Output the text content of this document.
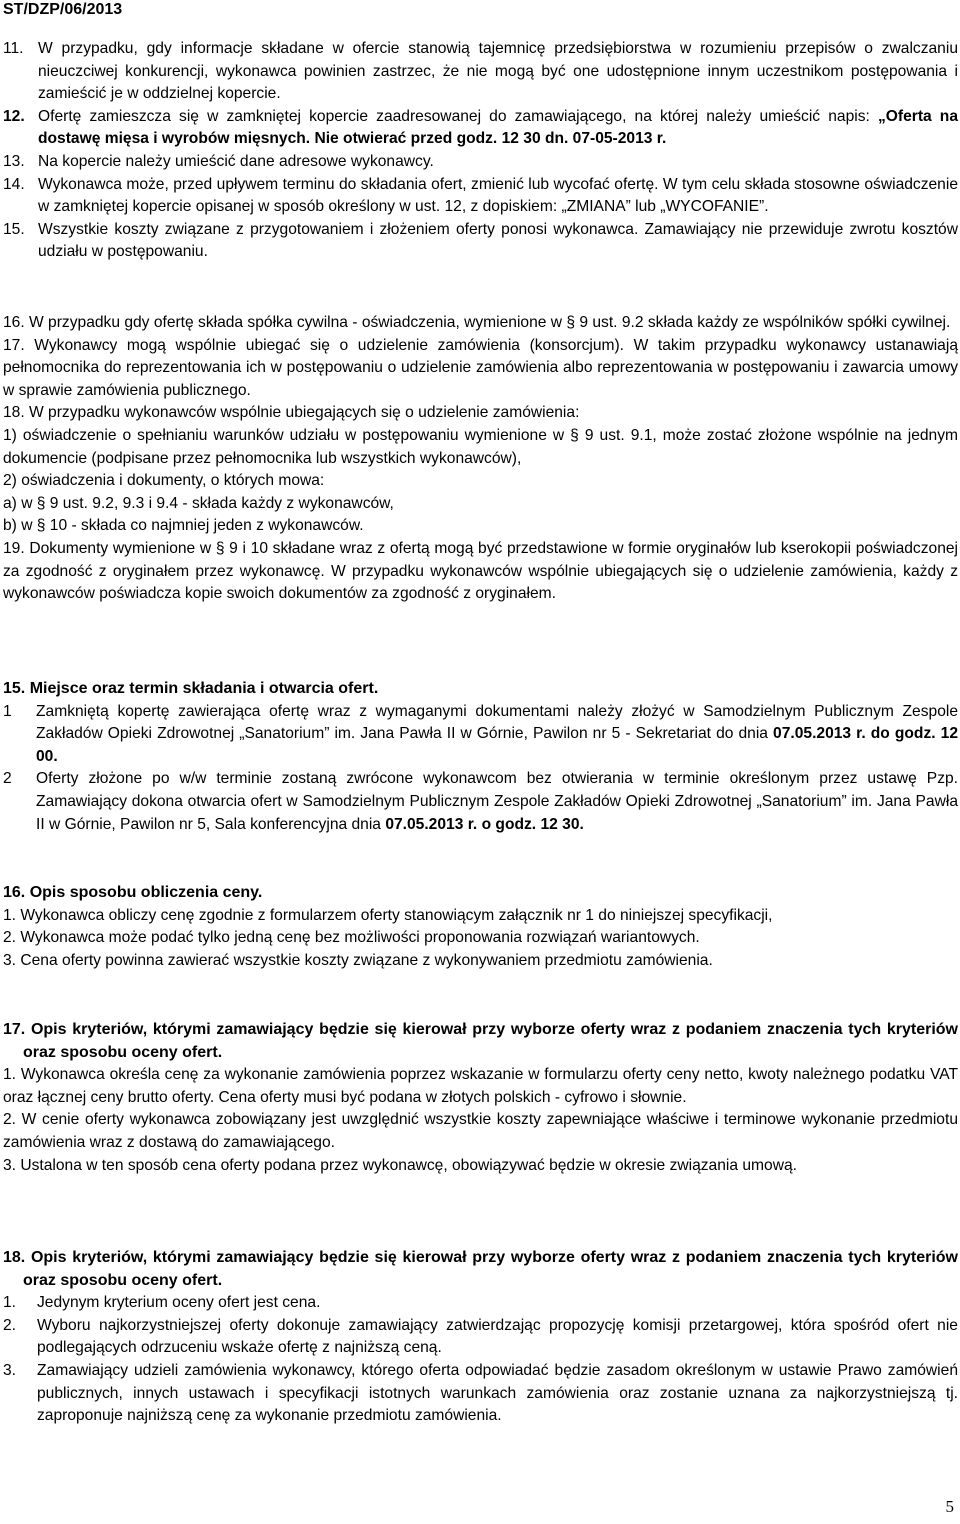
ST/DZP/06/2013

11. W przypadku, gdy informacje składane w ofercie stanowią tajemnicę przedsiębiorstwa w rozumieniu przepisów o zwalczaniu nieuczciwej konkurencji, wykonawca powinien zastrzec, że nie mogą być one udostępnione innym uczestnikom postępowania i zamieścić je w oddzielnej kopercie.

12. Ofertę zamieszcza się w zamkniętej kopercie zaadresowanej do zamawiającego, na której należy umieścić napis: „Oferta na dostawę mięsa i wyrobów mięsnych. Nie otwierać przed godz. 12 30 dn. 07-05-2013 r.

13. Na kopercie należy umieścić dane adresowe wykonawcy.

14. Wykonawca może, przed upływem terminu do składania ofert, zmienić lub wycofać ofertę. W tym celu składa stosowne oświadczenie w zamkniętej kopercie opisanej w sposób określony w ust. 12, z dopiskiem: „ZMIANA” lub „WYCOFANIE”.

15. Wszystkie koszty związane z przygotowaniem i złożeniem oferty ponosi wykonawca. Zamawiający nie przewiduje zwrotu kosztów udziału w postępowaniu.

16. W przypadku gdy ofertę składa spółka cywilna - oświadczenia, wymienione w § 9 ust. 9.2 składa każdy ze wspólników spółki cywilnej.

17. Wykonawcy mogą wspólnie ubiegać się o udzielenie zamówienia (konsorcjum). W takim przypadku wykonawcy ustanawiają pełnomocnika do reprezentowania ich w postępowaniu o udzielenie zamówienia albo reprezentowania w postępowaniu i zawarcia umowy w sprawie zamówienia publicznego.

18. W przypadku wykonawców wspólnie ubiegających się o udzielenie zamówienia:

1) oświadczenie o spełnianiu warunków udziału w postępowaniu wymienione w § 9 ust. 9.1, może zostać złożone wspólnie na jednym dokumencie (podpisane przez pełnomocnika lub wszystkich wykonawców),

2) oświadczenia i dokumenty, o których mowa:

a) w § 9 ust. 9.2, 9.3 i 9.4 - składa każdy z wykonawców,

b) w § 10 - składa co najmniej jeden z wykonawców.

19. Dokumenty wymienione w § 9 i 10 składane wraz z ofertą mogą być przedstawione w formie oryginałów lub kserokopii poświadczonej za zgodność z oryginałem przez wykonawcę. W przypadku wykonawców wspólnie ubiegających się o udzielenie zamówienia, każdy z wykonawców poświadcza kopie swoich dokumentów za zgodność z oryginałem.

15. Miejsce oraz termin składania i otwarcia ofert.

1 Zamkniętą kopertę zawierająca ofertę wraz z wymaganymi dokumentami należy złożyć w Samodzielnym Publicznym Zespole Zakładów Opieki Zdrowotnej „Sanatorium” im. Jana Pawła II w Górnie, Pawilon nr 5 - Sekretariat do dnia 07.05.2013 r. do godz. 12 00.

2 Oferty złożone po w/w terminie zostaną zwrócone wykonawcom bez otwierania w terminie określonym przez ustawę Pzp. Zamawiający dokona otwarcia ofert w Samodzielnym Publicznym Zespole Zakładów Opieki Zdrowotnej „Sanatorium” im. Jana Pawła II w Górnie, Pawilon nr 5, Sala konferencyjna dnia 07.05.2013 r. o godz. 12 30.

16. Opis sposobu obliczenia ceny.

1. Wykonawca obliczy cenę zgodnie z formularzem oferty stanowiącym załącznik nr 1 do niniejszej specyfikacji,

2. Wykonawca może podać tylko jedną cenę bez możliwości proponowania rozwiązań wariantowych.

3. Cena oferty powinna zawierać wszystkie koszty związane z wykonywaniem przedmiotu zamówienia.

17. Opis kryteriów, którymi zamawiający będzie się kierował przy wyborze oferty wraz z podaniem znaczenia tych kryteriów oraz sposobu oceny ofert.

1. Wykonawca określa cenę za wykonanie zamówienia poprzez wskazanie w formularzu oferty ceny netto, kwoty należnego podatku VAT oraz łącznej ceny brutto oferty. Cena oferty musi być podana w złotych polskich - cyfrowo i słownie.

2. W cenie oferty wykonawca zobowiązany jest uwzględnić wszystkie koszty zapewniające właściwe i terminowe wykonanie przedmiotu zamówienia wraz z dostawą do zamawiającego.

3. Ustalona w ten sposób cena oferty podana przez wykonawcę, obowiązywać będzie w okresie związania umową.

18. Opis kryteriów, którymi zamawiający będzie się kierował przy wyborze oferty wraz z podaniem znaczenia tych kryteriów oraz sposobu oceny ofert.

1. Jedynym kryterium oceny ofert jest cena.

2. Wyboru najkorzystniejszej oferty dokonuje zamawiający zatwierdzając propozycję komisji przetargowej, która spośród ofert nie podlegających odrzuceniu wskaże ofertę z najniższą ceną.

3. Zamawiający udzieli zamówienia wykonawcy, którego oferta odpowiadać będzie zasadom określonym w ustawie Prawo zamówień publicznych, innych ustawach i specyfikacji istotnych warunkach zamówienia oraz zostanie uznana za najkorzystniejszą tj. zaproponuje najniższą cenę za wykonanie przedmiotu zamówienia.

5
